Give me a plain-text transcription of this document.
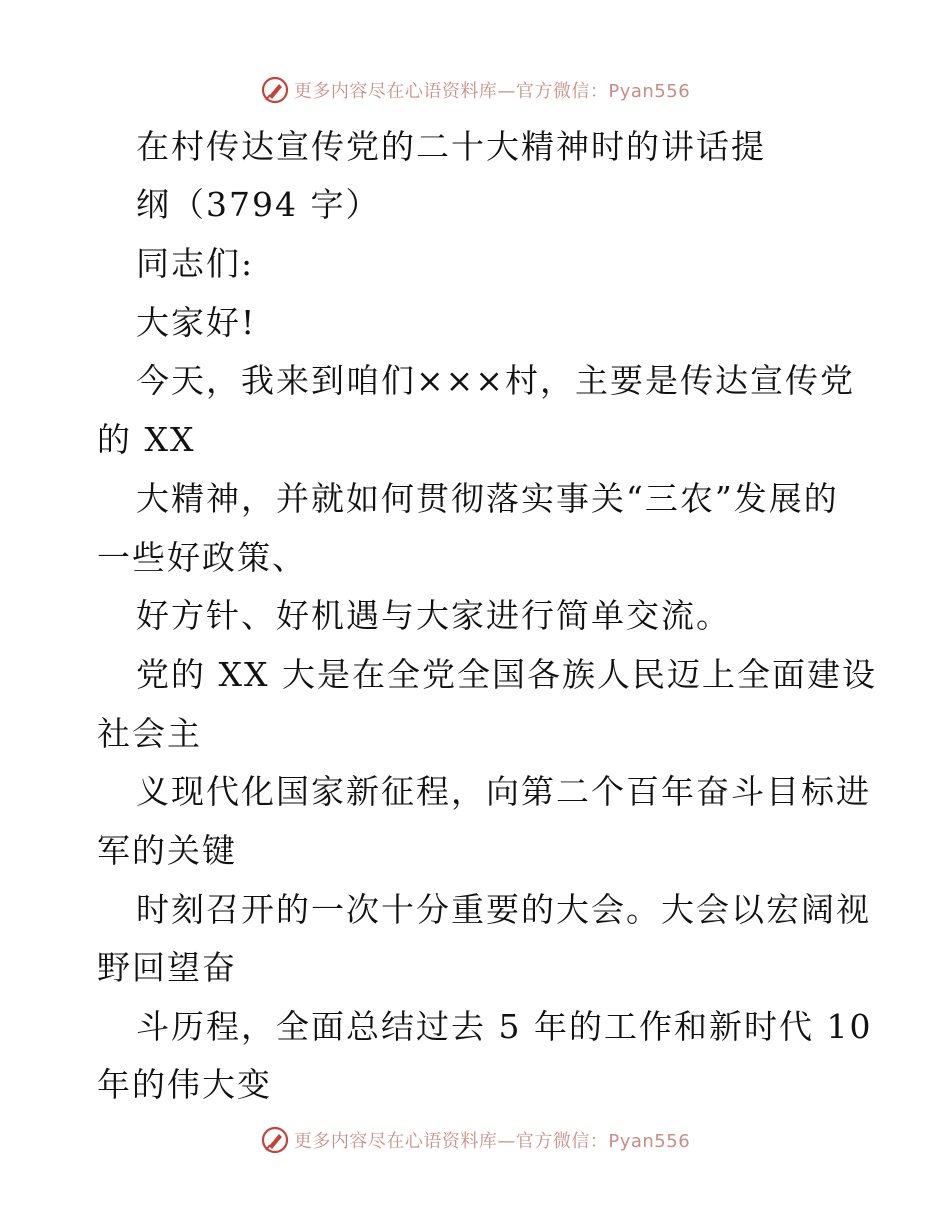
更多内容尽在心语资料库—官方微信：Pyan556
在村传达宣传党的二十大精神时的讲话提
纲（3794 字）
同志们:
大家好!
今天，我来到咱们×××村，主要是传达宣传党
的 XX
大精神，并就如何贯彻落实事关“三农”发展的
一些好政策、
好方针、好机遇与大家进行简单交流。
党的 XX 大是在全党全国各族人民迈上全面建设
社会主
义现代化国家新征程，向第二个百年奋斗目标进
军的关键
时刻召开的一次十分重要的大会。大会以宏阔视
野回望奋
斗历程，全面总结过去 5 年的工作和新时代 10
年的伟大变
更多内容尽在心语资料库—官方微信：Pyan556
